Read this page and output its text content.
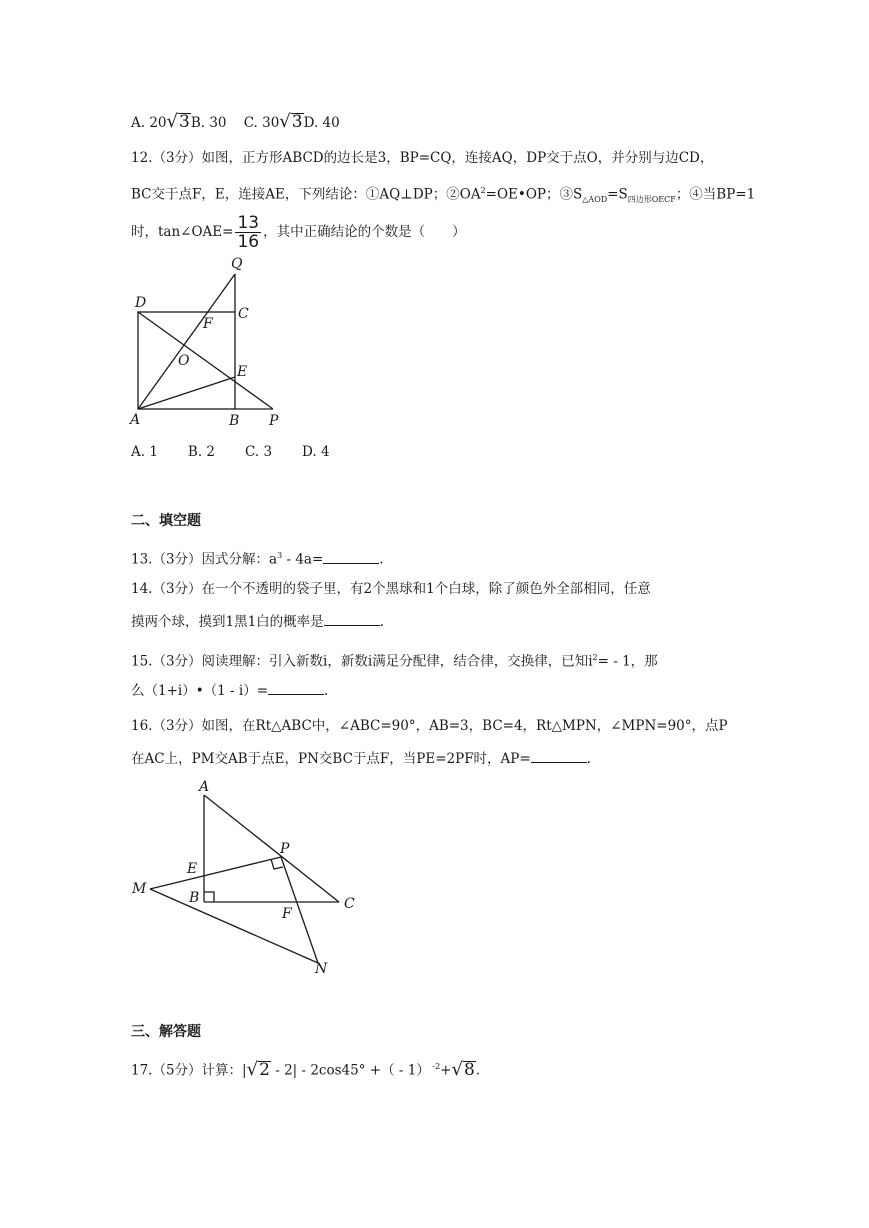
A. 20√3B. 30 C. 30√3D. 40
12.（3分）如图，正方形ABCD的边长是3，BP=CQ，连接AQ，DP交于点O，并分别与边CD，
BC交于点F，E，连接AE，下列结论：①AQ⊥DP；$②OA^2=OE•OP$；$③S_{\triangle AOD}=S_{四边形OECF}$；④当BP=1
时，tan∠OAE= $\frac{13}{16}$ ，其中正确结论的个数是（　　）
Q
D
C
F
O
E
A	B P
A. 1 B. 2 C. 3 D. 4
二、填空题
13.（3分）因式分解：$a^3 - 4a=$	.
14.（3分）在一个不透明的袋子里，有2个黑球和1个白球，除了颜色外全部相同，任意
摸两个球，摸到1黑1白的概率是	.
15.（3分）阅读理解：引入新数i，新数i满足分配律，结合律，交换律，已知$i^2= - 1$，那
么（1+i）•（1 - i）=	.
16.（3分）如图，在Rt△ABC中，∠ABC=90°，AB=3，BC=4，Rt△MPN，∠MPN=90°，点P
在AC上，PM交AB于点E，PN交BC于点F，当PE=2PF时，AP=	.
A
P
E
M
B
F
C
N
三、解答题
17.（5分）计算：|√2 - 2| - 2cos45° +（ - 1） $^{-2}$+√8.
